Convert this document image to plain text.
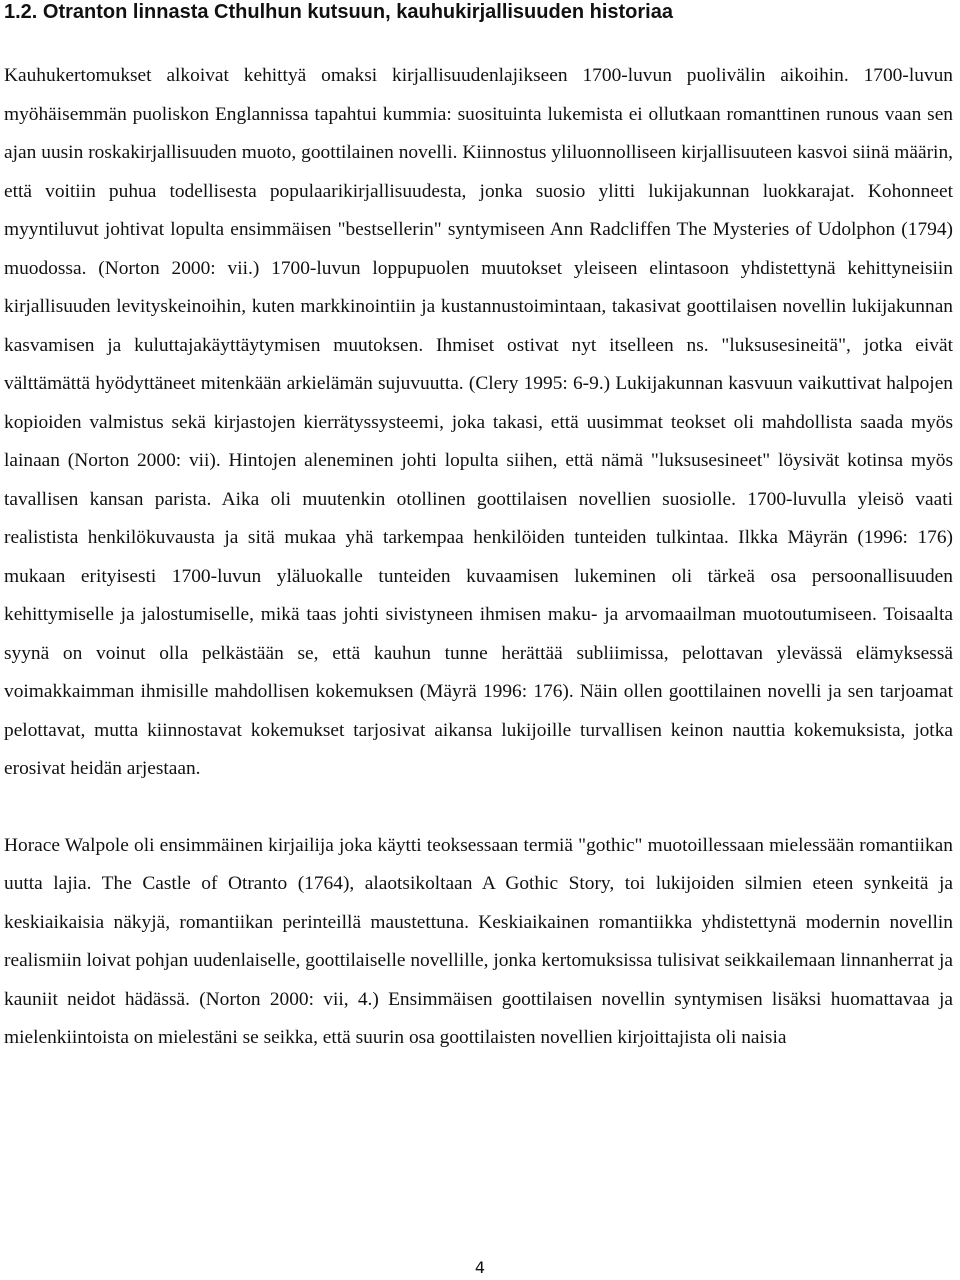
1.2. Otranton linnasta Cthulhun kutsuun, kauhukirjallisuuden historiaa

Kauhukertomukset alkoivat kehittyä omaksi kirjallisuudenlajikseen 1700-luvun puolivälin aikoihin. 1700-luvun myöhäisemmän puoliskon Englannissa tapahtui kummia: suosituinta lukemista ei ollutkaan romanttinen runous vaan sen ajan uusin roskakirjallisuuden muoto, goottilainen novelli. Kiinnostus yliluonnolliseen kirjallisuuteen kasvoi siinä määrin, että voitiin puhua todellisesta populaarikirjallisuudesta, jonka suosio ylitti lukijakunnan luokkarajat. Kohonneet myyntiluvut johtivat lopulta ensimmäisen "bestsellerin" syntymiseen Ann Radcliffen The Mysteries of Udolphon (1794) muodossa. (Norton 2000: vii.) 1700-luvun loppupuolen muutokset yleiseen elintasoon yhdistettynä kehittyneisiin kirjallisuuden levityskeinoihin, kuten markkinointiin ja kustannustoimintaan, takasivat goottilaisen novellin lukijakunnan kasvamisen ja kuluttajakäyttäytymisen muutoksen. Ihmiset ostivat nyt itselleen ns. "luksusesineitä", jotka eivät välttämättä hyödyttäneet mitenkään arkielämän sujuvuutta. (Clery 1995: 6-9.) Lukijakunnan kasvuun vaikuttivat halpojen kopioiden valmistus sekä kirjastojen kierrätyssysteemi, joka takasi, että uusimmat teokset oli mahdollista saada myös lainaan (Norton 2000: vii). Hintojen aleneminen johti lopulta siihen, että nämä "luksusesineet" löysivät kotinsa myös tavallisen kansan parista. Aika oli muutenkin otollinen goottilaisen novellien suosiolle. 1700-luvulla yleisö vaati realistista henkilökuvausta ja sitä mukaa yhä tarkempaa henkilöiden tunteiden tulkintaa. Ilkka Mäyrän (1996: 176) mukaan erityisesti 1700-luvun yläluokalle tunteiden kuvaamisen lukeminen oli tärkeä osa persoonallisuuden kehittymiselle ja jalostumiselle, mikä taas johti sivistyneen ihmisen maku- ja arvomaailman muotoutumiseen. Toisaalta syynä on voinut olla pelkästään se, että kauhun tunne herättää subliimissa, pelottavan ylevässä elämyksessä voimakkaimman ihmisille mahdollisen kokemuksen (Mäyrä 1996: 176). Näin ollen goottilainen novelli ja sen tarjoamat pelottavat, mutta kiinnostavat kokemukset tarjosivat aikansa lukijoille turvallisen keinon nauttia kokemuksista, jotka erosivat heidän arjestaan.

Horace Walpole oli ensimmäinen kirjailija joka käytti teoksessaan termiä "gothic" muotoillessaan mielessään romantiikan uutta lajia. The Castle of Otranto (1764), alaotsikoltaan A Gothic Story, toi lukijoiden silmien eteen synkeitä ja keskiaikaisia näkyjä, romantiikan perinteillä maustettuna. Keskiaikainen romantiikka yhdistettynä modernin novellin realismiin loivat pohjan uudenlaiselle, goottilaiselle novellille, jonka kertomuksissa tulisivat seikkailemaan linnanherrat ja kauniit neidot hädässä. (Norton 2000: vii, 4.) Ensimmäisen goottilaisen novellin syntymisen lisäksi huomattavaa ja mielenkiintoista on mielestäni se seikka, että suurin osa goottilaisten novellien kirjoittajista oli naisia

4
